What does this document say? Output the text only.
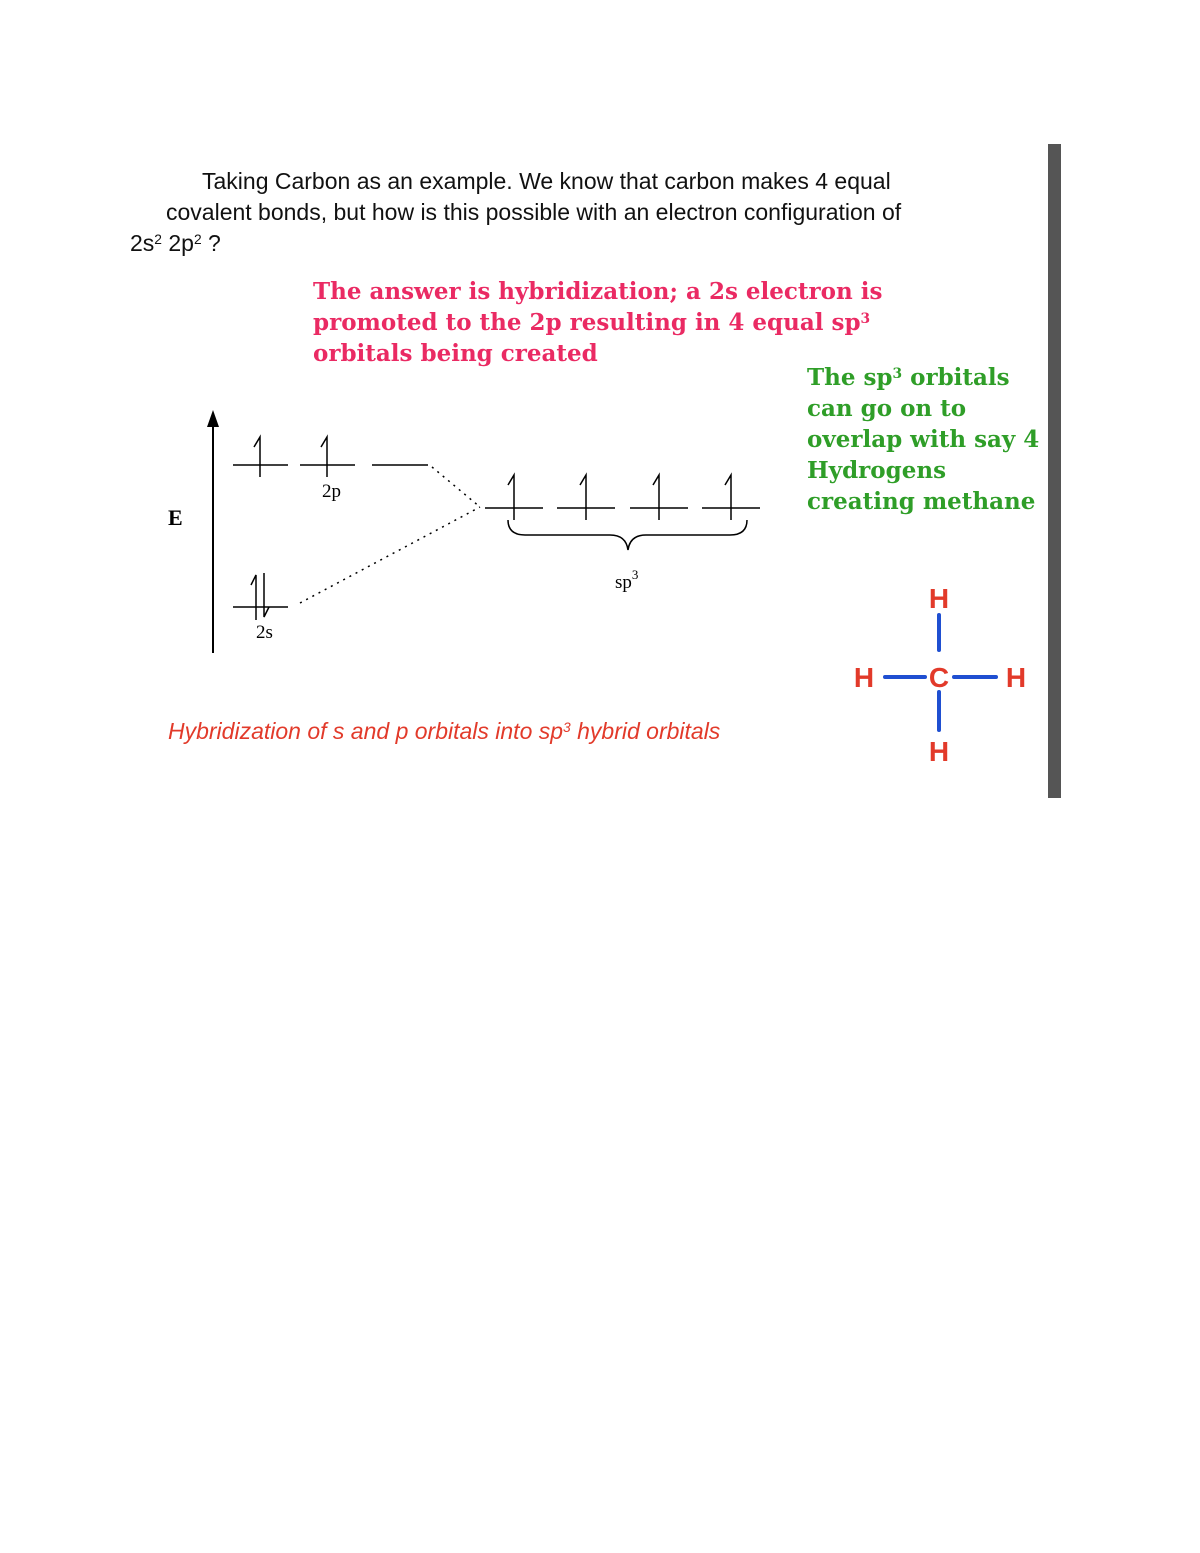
Taking Carbon as an example. We know that carbon makes 4 equal
covalent bonds, but how is this possible with an electron configuration of
$2s^2$ $2p^2$ ?

The answer is hybridization; a 2s electron is promoted to the 2p resulting in 4 equal $sp^3$
orbitals being created
The $sp^3$ orbitals can go on to overlap with say 4 Hydrogens creating methane
E
2p
2s
$sp^3$
H
H C H
H
Hybridization of s and p orbitals into $sp^3$ hybrid orbitals
